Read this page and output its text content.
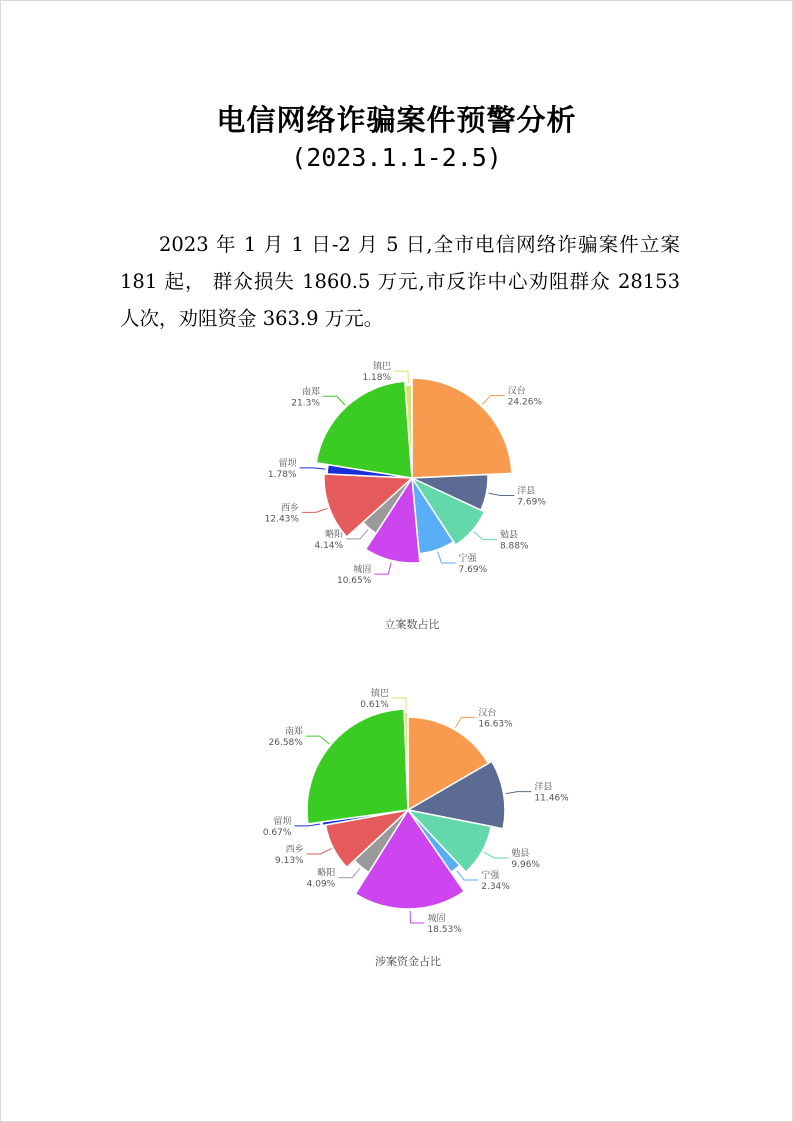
电信网络诈骗案件预警分析
(2023.1.1-2.5)

2023 年 1 月 1 日-2 月 5 日,全市电信网络诈骗案件立案 181 起， 群众损失 1860.5 万元,市反诈中心劝阻群众 28153 人次，劝阻资金 363.9 万元。

汉台
24.26%
洋县
7.69%
勉县
8.88%
宁强
7.69%
城固
10.65%
略阳
4.14%
西乡
12.43%
留坝
1.78%
南郑
21.3%
镇巴
1.18%
立案数占比
汉台
16.63%
洋县
11.46%
勉县
9.96%
宁强
2.34%
城固
18.53%
略阳
4.09%
西乡
9.13%
留坝
0.67%
南郑
26.58%
镇巴
0.61%
涉案资金占比
